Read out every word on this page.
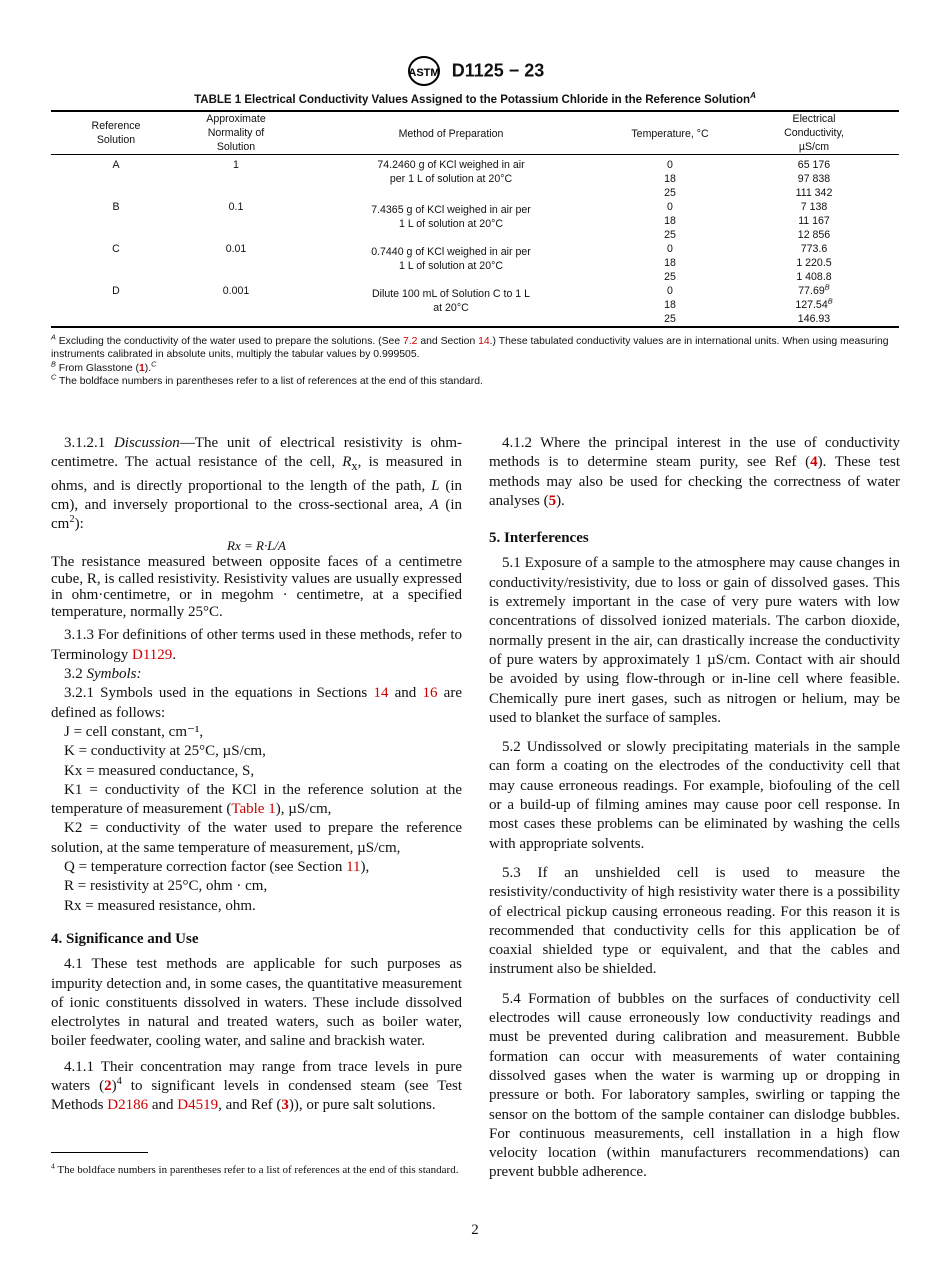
ASTM D1125 − 23
TABLE 1 Electrical Conductivity Values Assigned to the Potassium Chloride in the Reference Solution$^A$
Reference Solution	Approximate Normality of Solution	Method of Preparation	Temperature, °C	Electrical Conductivity, µS/cm
A	1	74.2460 g of KCl weighed in air per 1 L of solution at 20°C	0	65 176
			18	97 838
			25	111 342
B	0.1	7.4365 g of KCl weighed in air per 1 L of solution at 20°C	0	7 138
			18	11 167
			25	12 856
C	0.01	0.7440 g of KCl weighed in air per 1 L of solution at 20°C	0	773.6
			18	1 220.5
			25	1 408.8
D	0.001	Dilute 100 mL of Solution C to 1 L at 20°C	0	$77.69^B$
			18	$127.54^B$
			25	146.93
$^A$ Excluding the conductivity of the water used to prepare the solutions. (See 7.2 and Section 14.) These tabulated conductivity values are in international units. When using measuring instruments calibrated in absolute units, multiply the tabular values by 0.999505.
$^B$ From Glasstone (1).$^C$
$^C$ The boldface numbers in parentheses refer to a list of references at the end of this standard.

3.1.2.1 Discussion—The unit of electrical resistivity is ohm-centimetre. The actual resistance of the cell, $R_x$, is measured in ohms, and is directly proportional to the length of the path, L (in cm), and inversely proportional to the cross-sectional area, A (in $cm^2$):

Rx = R·L/A

The resistance measured between opposite faces of a centimetre cube, R, is called resistivity. Resistivity values are usually expressed in ohm·centimetre, or in megohm · centimetre, at a specified temperature, normally 25°C.

3.1.3 For definitions of other terms used in these methods, refer to Terminology D1129.

3.2 Symbols:

3.2.1 Symbols used in the equations in Sections 14 and 16 are defined as follows:

J = cell constant, cm⁻¹,

K = conductivity at 25°C, µS/cm,

Kx = measured conductance, S,

K1 = conductivity of the KCl in the reference solution at the temperature of measurement (Table 1), µS/cm,

K2 = conductivity of the water used to prepare the reference solution, at the same temperature of measurement, µS/cm,

Q = temperature correction factor (see Section 11),

R = resistivity at 25°C, ohm · cm,

Rx = measured resistance, ohm.

4. Significance and Use

4.1 These test methods are applicable for such purposes as impurity detection and, in some cases, the quantitative measurement of ionic constituents dissolved in waters. These include dissolved electrolytes in natural and treated waters, such as boiler water, boiler feedwater, cooling water, and saline and brackish water.

4.1.1 Their concentration may range from trace levels in pure waters $(2)^4$ to significant levels in condensed steam (see Test Methods D2186 and D4519, and Ref (3)), or pure salt solutions.

$^4$ The boldface numbers in parentheses refer to a list of references at the end of this standard.

4.1.2 Where the principal interest in the use of conductivity methods is to determine steam purity, see Ref (4). These test methods may also be used for checking the correctness of water analyses (5).

5. Interferences

5.1 Exposure of a sample to the atmosphere may cause changes in conductivity/resistivity, due to loss or gain of dissolved gases. This is extremely important in the case of very pure waters with low concentrations of dissolved ionized materials. The carbon dioxide, normally present in the air, can drastically increase the conductivity of pure waters by approximately 1 µS/cm. Contact with air should be avoided by using flow-through or in-line cell where feasible. Chemically pure inert gases, such as nitrogen or helium, may be used to blanket the surface of samples.

5.2 Undissolved or slowly precipitating materials in the sample can form a coating on the electrodes of the conductivity cell that may cause erroneous readings. For example, biofouling of the cell or a build-up of filming amines may cause poor cell response. In most cases these problems can be eliminated by washing the cells with appropriate solvents.

5.3 If an unshielded cell is used to measure the resistivity/conductivity of high resistivity water there is a possibility of electrical pickup causing erroneous reading. For this reason it is recommended that conductivity cells for this application be of coaxial shielded type or equivalent, and that the cables and instrument also be shielded.

5.4 Formation of bubbles on the surfaces of conductivity cell electrodes will cause erroneously low conductivity readings and must be prevented during calibration and measurement. Bubble formation can occur with measurements of water containing dissolved gases when the water is warming up or dropping in pressure or both. For laboratory samples, swirling or tapping the sensor on the bottom of the sample container can dislodge bubbles. For continuous measurements, cell installation in a high flow velocity location (within manufacturers recommendations) can prevent bubble adherence.

2
